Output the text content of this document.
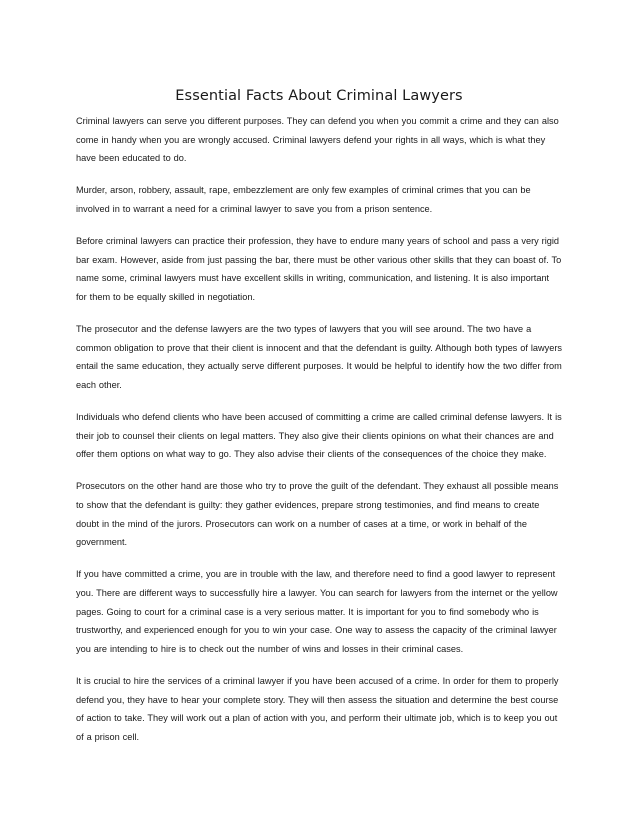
Essential Facts About Criminal Lawyers

Criminal lawyers can serve you different purposes. They can defend you when you commit a crime and they can also come in handy when you are wrongly accused. Criminal lawyers defend your rights in all ways, which is what they have been educated to do.

Murder, arson, robbery, assault, rape, embezzlement are only few examples of criminal crimes that you can be involved in to warrant a need for a criminal lawyer to save you from a prison sentence.

Before criminal lawyers can practice their profession, they have to endure many years of school and pass a very rigid bar exam. However, aside from just passing the bar, there must be other various other skills that they can boast of. To name some, criminal lawyers must have excellent skills in writing, communication, and listening. It is also important for them to be equally skilled in negotiation.

The prosecutor and the defense lawyers are the two types of lawyers that you will see around. The two have a common obligation to prove that their client is innocent and that the defendant is guilty. Although both types of lawyers entail the same education, they actually serve different purposes. It would be helpful to identify how the two differ from each other.

Individuals who defend clients who have been accused of committing a crime are called criminal defense lawyers. It is their job to counsel their clients on legal matters. They also give their clients opinions on what their chances are and offer them options on what way to go. They also advise their clients of the consequences of the choice they make.

Prosecutors on the other hand are those who try to prove the guilt of the defendant. They exhaust all possible means to show that the defendant is guilty: they gather evidences, prepare strong testimonies, and find means to create doubt in the mind of the jurors. Prosecutors can work on a number of cases at a time, or work in behalf of the government.

If you have committed a crime, you are in trouble with the law, and therefore need to find a good lawyer to represent you. There are different ways to successfully hire a lawyer. You can search for lawyers from the internet or the yellow pages. Going to court for a criminal case is a very serious matter. It is important for you to find somebody who is trustworthy, and experienced enough for you to win your case. One way to assess the capacity of the criminal lawyer you are intending to hire is to check out the number of wins and losses in their criminal cases.

It is crucial to hire the services of a criminal lawyer if you have been accused of a crime. In order for them to properly defend you, they have to hear your complete story. They will then assess the situation and determine the best course of action to take. They will work out a plan of action with you, and perform their ultimate job, which is to keep you out of a prison cell.
